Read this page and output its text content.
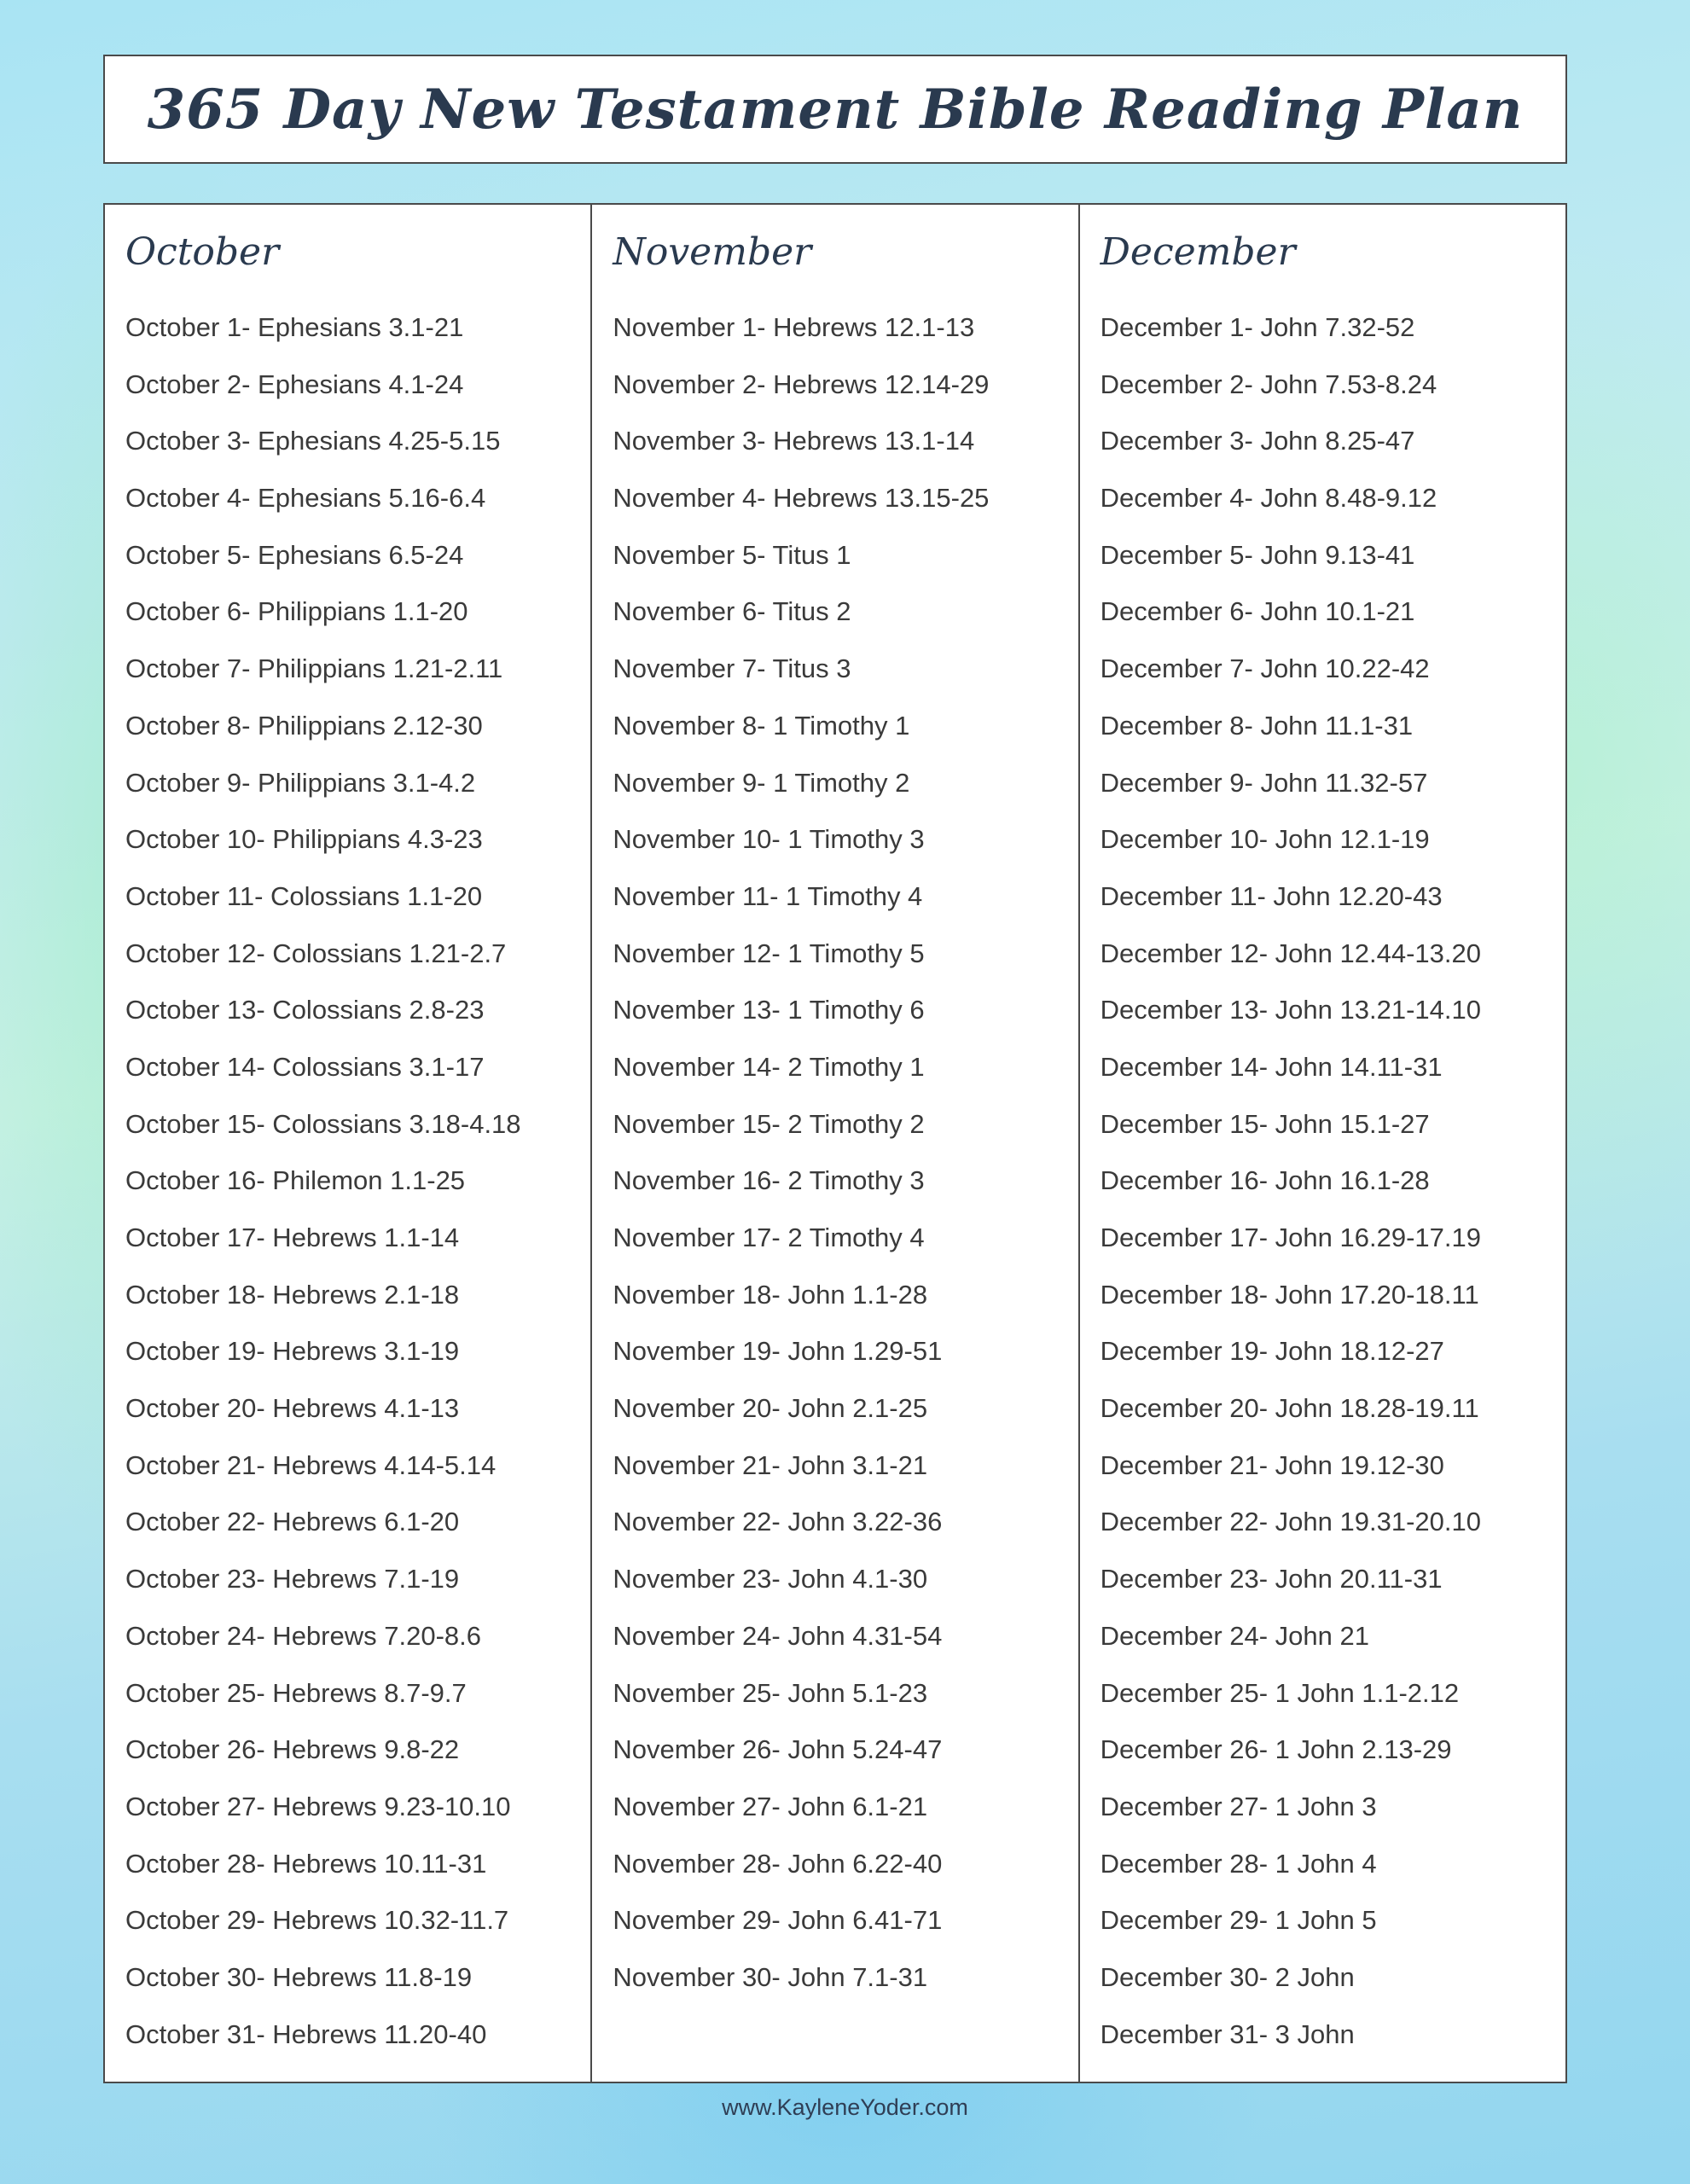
365 Day New Testament Bible Reading Plan
October
October 1- Ephesians 3.1-21
October 2- Ephesians 4.1-24
October 3- Ephesians 4.25-5.15
October 4- Ephesians 5.16-6.4
October 5- Ephesians 6.5-24
October 6- Philippians 1.1-20
October 7- Philippians 1.21-2.11
October 8- Philippians 2.12-30
October 9- Philippians 3.1-4.2
October 10- Philippians 4.3-23
October 11- Colossians 1.1-20
October 12- Colossians 1.21-2.7
October 13- Colossians 2.8-23
October 14- Colossians 3.1-17
October 15- Colossians 3.18-4.18
October 16- Philemon 1.1-25
October 17- Hebrews 1.1-14
October 18- Hebrews 2.1-18
October 19- Hebrews 3.1-19
October 20- Hebrews 4.1-13
October 21- Hebrews 4.14-5.14
October 22- Hebrews 6.1-20
October 23- Hebrews 7.1-19
October 24- Hebrews 7.20-8.6
October 25- Hebrews 8.7-9.7
October 26- Hebrews 9.8-22
October 27- Hebrews 9.23-10.10
October 28- Hebrews 10.11-31
October 29- Hebrews 10.32-11.7
October 30- Hebrews 11.8-19
October 31- Hebrews 11.20-40
November
November 1- Hebrews 12.1-13
November 2- Hebrews 12.14-29
November 3- Hebrews 13.1-14
November 4- Hebrews 13.15-25
November 5- Titus 1
November 6- Titus 2
November 7- Titus 3
November 8- 1 Timothy 1
November 9- 1 Timothy 2
November 10- 1 Timothy 3
November 11- 1 Timothy 4
November 12- 1 Timothy 5
November 13- 1 Timothy 6
November 14- 2 Timothy 1
November 15- 2 Timothy 2
November 16- 2 Timothy 3
November 17- 2 Timothy 4
November 18- John 1.1-28
November 19- John 1.29-51
November 20- John 2.1-25
November 21- John 3.1-21
November 22- John 3.22-36
November 23- John 4.1-30
November 24- John 4.31-54
November 25- John 5.1-23
November 26- John 5.24-47
November 27- John 6.1-21
November 28- John 6.22-40
November 29- John 6.41-71
November 30- John 7.1-31
December
December 1- John 7.32-52
December 2- John 7.53-8.24
December 3- John 8.25-47
December 4- John 8.48-9.12
December 5- John 9.13-41
December 6- John 10.1-21
December 7- John 10.22-42
December 8- John 11.1-31
December 9- John 11.32-57
December 10- John 12.1-19
December 11- John 12.20-43
December 12- John 12.44-13.20
December 13- John 13.21-14.10
December 14- John 14.11-31
December 15- John 15.1-27
December 16- John 16.1-28
December 17- John 16.29-17.19
December 18- John 17.20-18.11
December 19- John 18.12-27
December 20- John 18.28-19.11
December 21- John 19.12-30
December 22- John 19.31-20.10
December 23- John 20.11-31
December 24- John 21
December 25- 1 John 1.1-2.12
December 26- 1 John 2.13-29
December 27- 1 John 3
December 28- 1 John 4
December 29- 1 John 5
December 30- 2 John
December 31- 3 John
www.KayleneYoder.com
